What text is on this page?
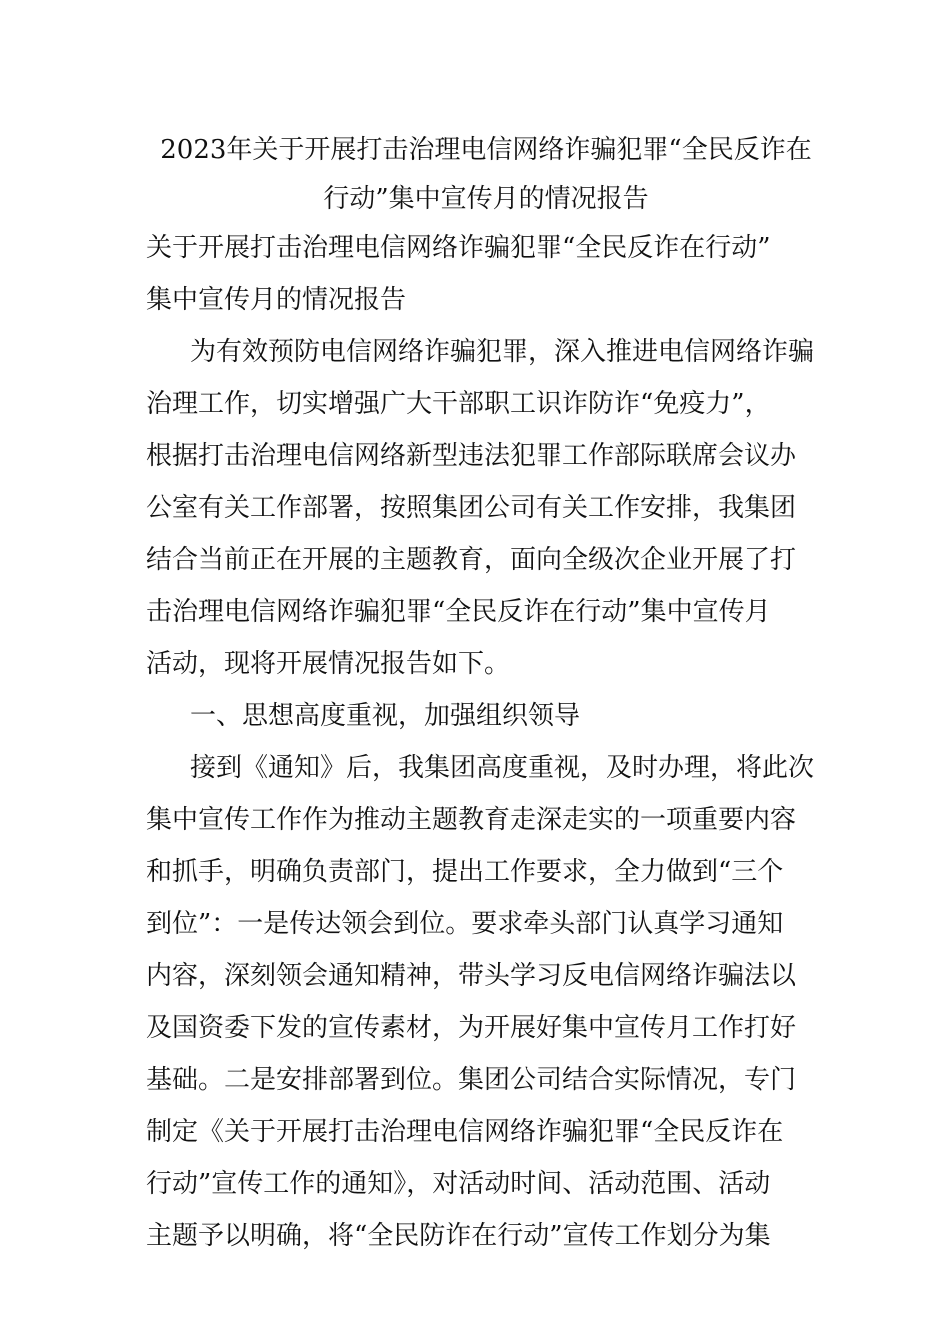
2023年关于开展打击治理电信网络诈骗犯罪“全民反诈在
行动”集中宣传月的情况报告
关于开展打击治理电信网络诈骗犯罪“全民反诈在行动”
集中宣传月的情况报告
为有效预防电信网络诈骗犯罪，深入推进电信网络诈骗
治理工作，切实增强广大干部职工识诈防诈“免疫力”，
根据打击治理电信网络新型违法犯罪工作部际联席会议办
公室有关工作部署，按照集团公司有关工作安排，我集团
结合当前正在开展的主题教育，面向全级次企业开展了打
击治理电信网络诈骗犯罪“全民反诈在行动”集中宣传月
活动，现将开展情况报告如下。
一、思想高度重视，加强组织领导
接到《通知》后，我集团高度重视，及时办理，将此次
集中宣传工作作为推动主题教育走深走实的一项重要内容
和抓手，明确负责部门，提出工作要求，全力做到“三个
到位”：一是传达领会到位。要求牵头部门认真学习通知
内容，深刻领会通知精神，带头学习反电信网络诈骗法以
及国资委下发的宣传素材，为开展好集中宣传月工作打好
基础。二是安排部署到位。集团公司结合实际情况，专门
制定《关于开展打击治理电信网络诈骗犯罪“全民反诈在
行动”宣传工作的通知》，对活动时间、活动范围、活动
主题予以明确，将“全民防诈在行动”宣传工作划分为集
